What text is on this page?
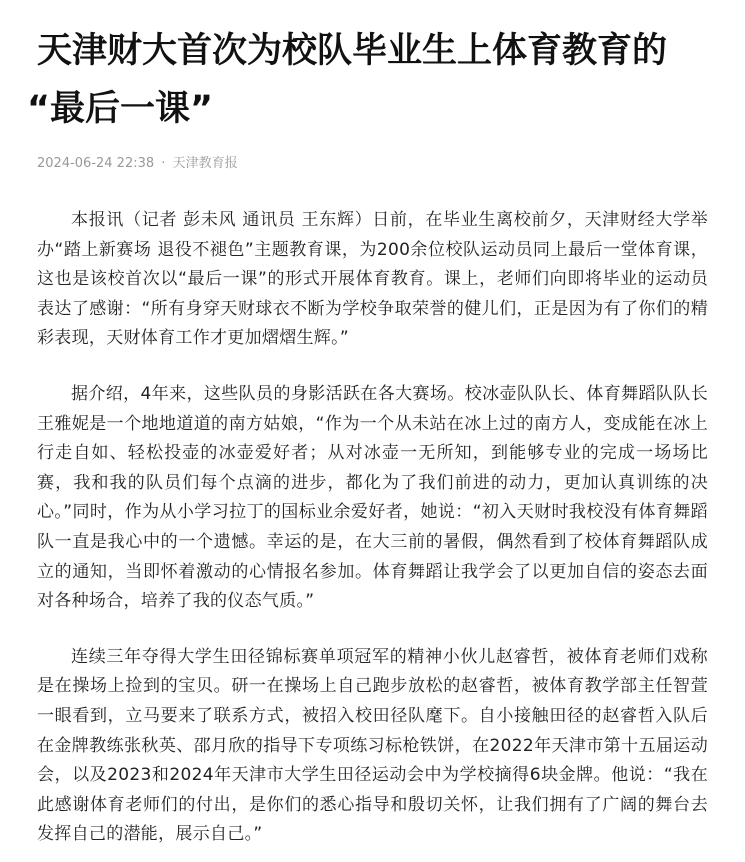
天津财大首次为校队毕业生上体育教育的
“最后一课”
2024-06-24 22:38 · 天津教育报

本报讯（记者 彭未风 通讯员 王东辉）日前，在毕业生离校前夕，天津财经大学举办“踏上新赛场 退役不褪色”主题教育课，为200余位校队运动员同上最后一堂体育课，这也是该校首次以“最后一课”的形式开展体育教育。课上，老师们向即将毕业的运动员表达了感谢：“所有身穿天财球衣不断为学校争取荣誉的健儿们，正是因为有了你们的精彩表现，天财体育工作才更加熠熠生辉。”

据介绍，4年来，这些队员的身影活跃在各大赛场。校冰壶队队长、体育舞蹈队队长王雅妮是一个地地道道的南方姑娘，“作为一个从未站在冰上过的南方人，变成能在冰上行走自如、轻松投壶的冰壶爱好者；从对冰壶一无所知，到能够专业的完成一场场比赛，我和我的队员们每个点滴的进步，都化为了我们前进的动力，更加认真训练的决心。”同时，作为从小学习拉丁的国标业余爱好者，她说：“初入天财时我校没有体育舞蹈队一直是我心中的一个遗憾。幸运的是，在大三前的暑假，偶然看到了校体育舞蹈队成立的通知，当即怀着激动的心情报名参加。体育舞蹈让我学会了以更加自信的姿态去面对各种场合，培养了我的仪态气质。”

连续三年夺得大学生田径锦标赛单项冠军的精神小伙儿赵睿哲，被体育老师们戏称是在操场上捡到的宝贝。研一在操场上自己跑步放松的赵睿哲，被体育教学部主任智萱一眼看到，立马要来了联系方式，被招入校田径队麾下。自小接触田径的赵睿哲入队后在金牌教练张秋英、邵月欣的指导下专项练习标枪铁饼，在2022年天津市第十五届运动会，以及2023和2024年天津市大学生田径运动会中为学校摘得6块金牌。他说：“我在此感谢体育老师们的付出，是你们的悉心指导和殷切关怀，让我们拥有了广阔的舞台去发挥自己的潜能，展示自己。”
